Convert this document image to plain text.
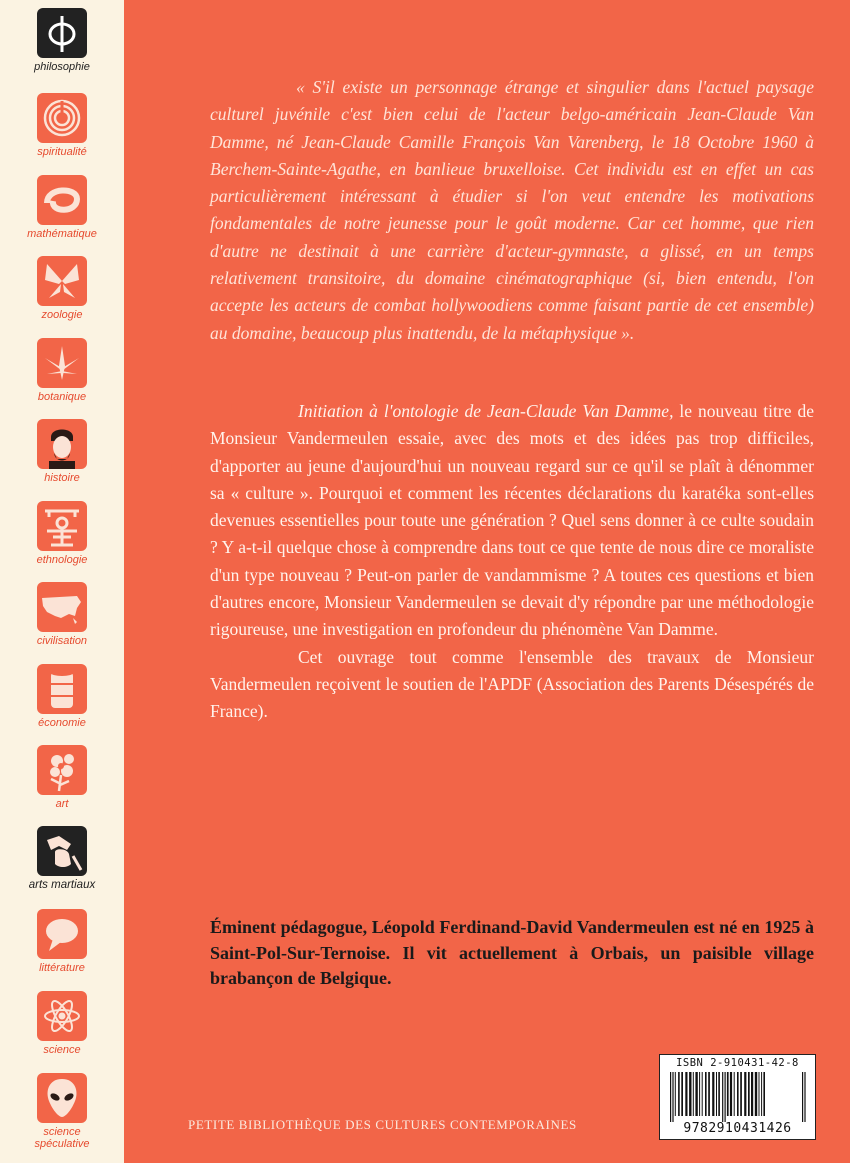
philosophie
spiritualité
mathématique
zoologie
botanique
histoire
ethnologie
civilisation
économie
art
arts martiaux
littérature
science
science
spéculative

« S'il existe un personnage étrange et singulier dans l'actuel paysage culturel juvénile c'est bien celui de l'acteur belgo-américain Jean-Claude Van Damme, né Jean-Claude Camille François Van Varenberg, le 18 Octobre 1960 à Berchem-Sainte-Agathe, en banlieue bruxelloise. Cet individu est en effet un cas particulièrement intéressant à étudier si l'on veut entendre les motivations fondamentales de notre jeunesse pour le goût moderne. Car cet homme, que rien d'autre ne destinait à une carrière d'acteur-gymnaste, a glissé, en un temps relativement transitoire, du domaine cinématographique (si, bien entendu, l'on accepte les acteurs de combat hollywoodiens comme faisant partie de cet ensemble) au domaine, beaucoup plus inattendu, de la métaphysique ».

Initiation à l'ontologie de Jean-Claude Van Damme, le nouveau titre de Monsieur Vandermeulen essaie, avec des mots et des idées pas trop difficiles, d'apporter au jeune d'aujourd'hui un nouveau regard sur ce qu'il se plaît à dénommer sa « culture ». Pourquoi et comment les récentes déclarations du karatéka sont-elles devenues essentielles pour toute une génération ? Quel sens donner à ce culte soudain ? Y a-t-il quelque chose à comprendre dans tout ce que tente de nous dire ce moraliste d'un type nouveau ? Peut-on parler de vandammisme ? A toutes ces questions et bien d'autres encore, Monsieur Vandermeulen se devait d'y répondre par une méthodologie rigoureuse, une investigation en profondeur du phénomène Van Damme.

Cet ouvrage tout comme l'ensemble des travaux de Monsieur Vandermeulen reçoivent le soutien de l'APDF (Association des Parents Désespérés de France).

Éminent pédagogue, Léopold Ferdinand-David Vandermeulen est né en 1925 à Saint-Pol-Sur-Ternoise. Il vit actuellement à Orbais, un paisible village brabançon de Belgique.
PETITE BIBLIOTHÈQUE DES CULTURES CONTEMPORAINES
ISBN 2-910431-42-8
9782910431426
